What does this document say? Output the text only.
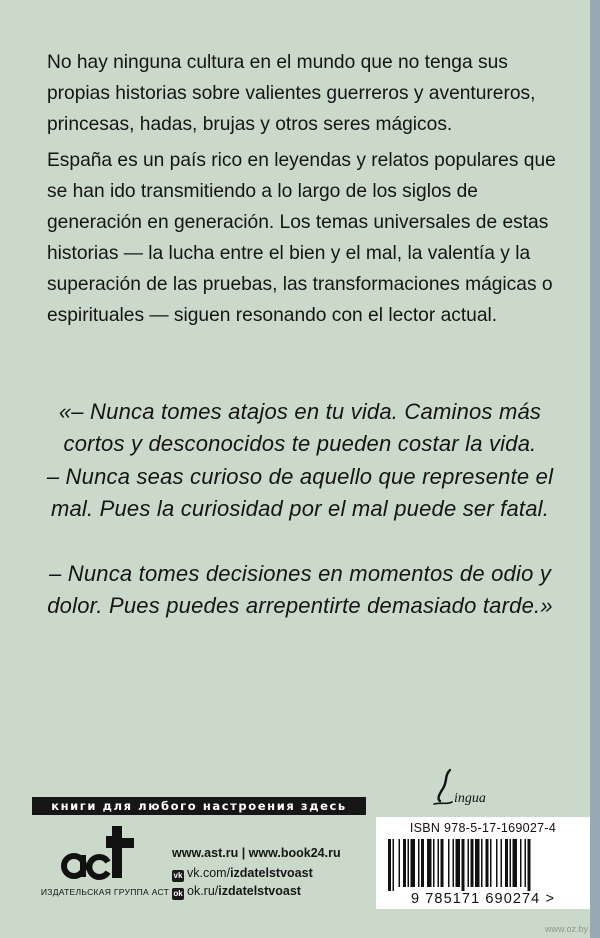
No hay ninguna cultura en el mundo que no tenga sus propias historias sobre valientes guerreros y aventureros, princesas, hadas, brujas y otros seres mágicos.

España es un país rico en leyendas y relatos populares que se han ido transmitiendo a lo largo de los siglos de generación en generación. Los temas universales de estas historias — la lucha entre el bien y el mal, la valentía y la superación de las pruebas, las transformaciones mágicas o espirituales — siguen resonando con el lector actual.

«– Nunca tomes atajos en tu vida. Caminos más cortos y desconocidos te pueden costar la vida.

– Nunca seas curioso de aquello que represente el mal. Pues la curiosidad por el mal puede ser fatal.

– Nunca tomes decisiones en momentos de odio y dolor. Pues puedes arrepentirte demasiado tarde.»

книги для любого настроения здесь	ingua
ИЗДАТЕЛЬСКАЯ ГРУППА АСТ
www.ast.ru | www.book24.ru
vk vk.com/izdatelstvoast
ok ok.ru/izdatelstvoast
ISBN 978-5-17-169027-4
9 785171 690274 >
www.oz.by
